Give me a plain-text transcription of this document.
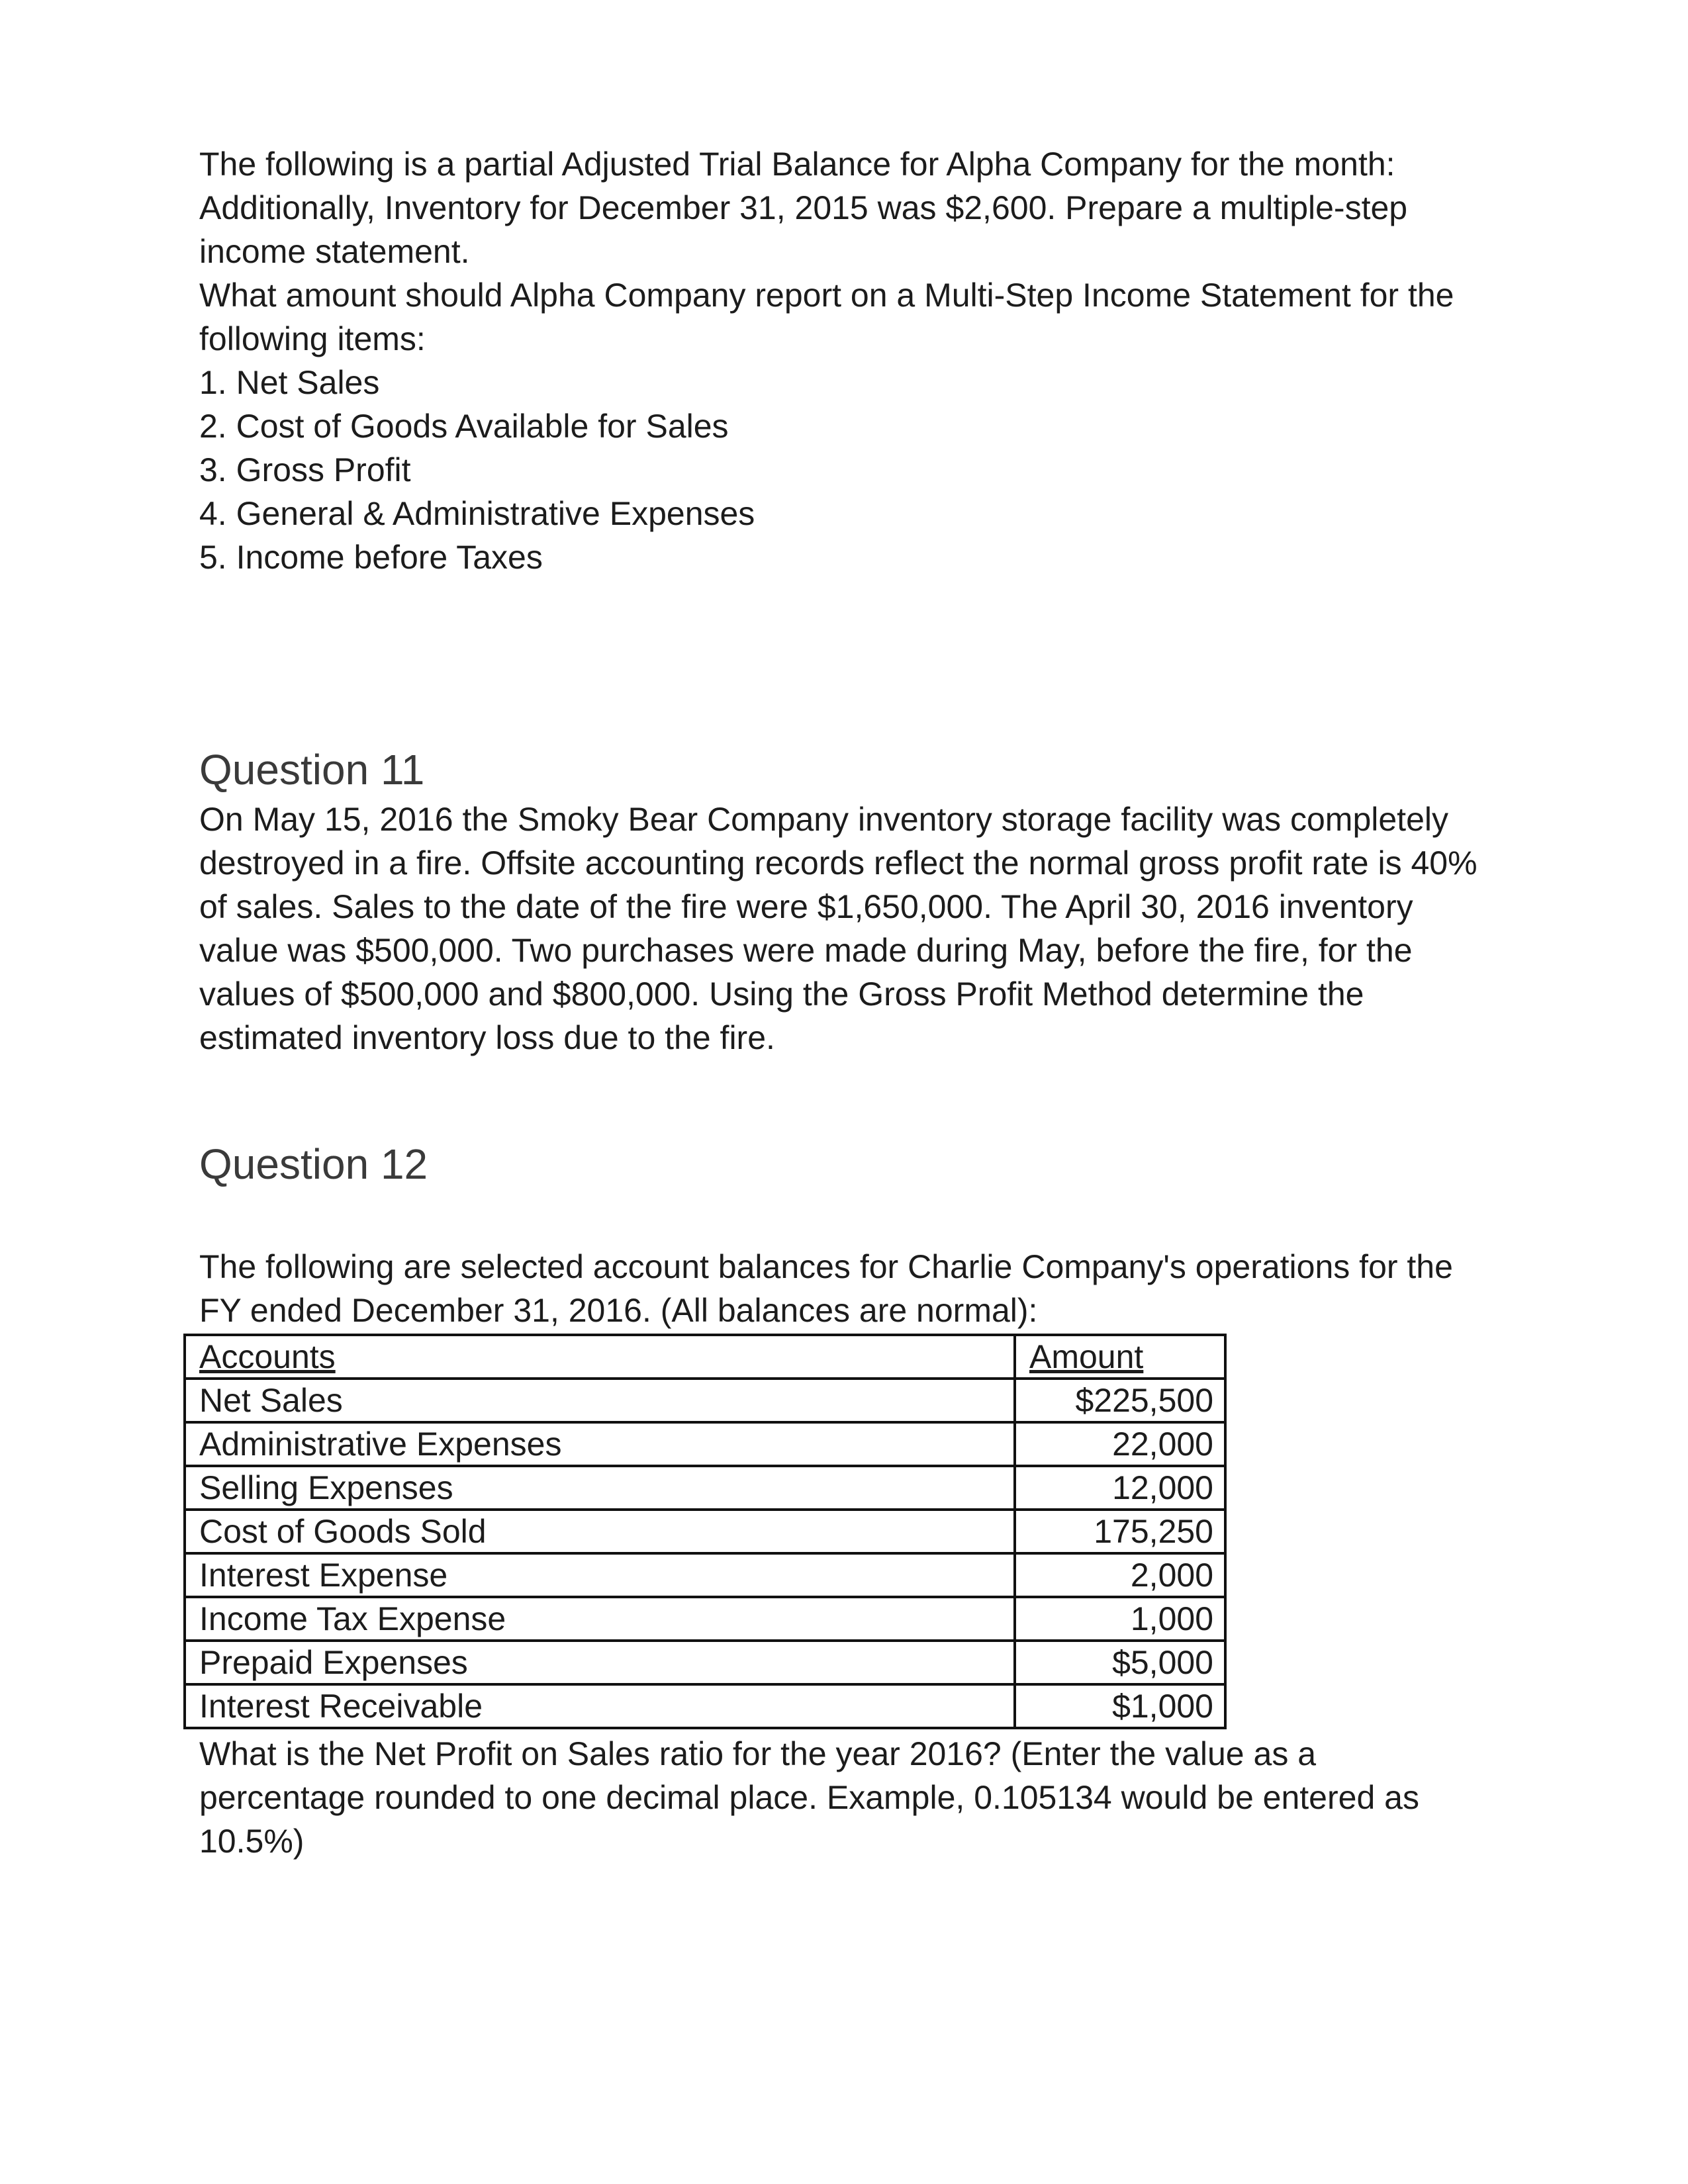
The following is a partial Adjusted Trial Balance for Alpha Company for the month:

Additionally, Inventory for December 31, 2015 was $2,600. Prepare a multiple-step income statement.

What amount should Alpha Company report on a Multi-Step Income Statement for the following items:

1. Net Sales
2. Cost of Goods Available for Sales
3. Gross Profit
4. General & Administrative Expenses
5. Income before Taxes
Question 11

On May 15, 2016 the Smoky Bear Company inventory storage facility was completely destroyed in a fire. Offsite accounting records reflect the normal gross profit rate is 40% of sales. Sales to the date of the fire were $1,650,000. The April 30, 2016 inventory value was $500,000. Two purchases were made during May, before the fire, for the values of $500,000 and $800,000. Using the Gross Profit Method determine the estimated inventory loss due to the fire.

Question 12

The following are selected account balances for Charlie Company's operations for the FY ended December 31, 2016. (All balances are normal):

Accounts	Amount
Net Sales	$225,500
Administrative Expenses	22,000
Selling Expenses	12,000
Cost of Goods Sold	175,250
Interest Expense	2,000
Income Tax Expense	1,000
Prepaid Expenses	$5,000
Interest Receivable	$1,000

What is the Net Profit on Sales ratio for the year 2016? (Enter the value as a percentage rounded to one decimal place. Example, 0.105134 would be entered as 10.5%)
